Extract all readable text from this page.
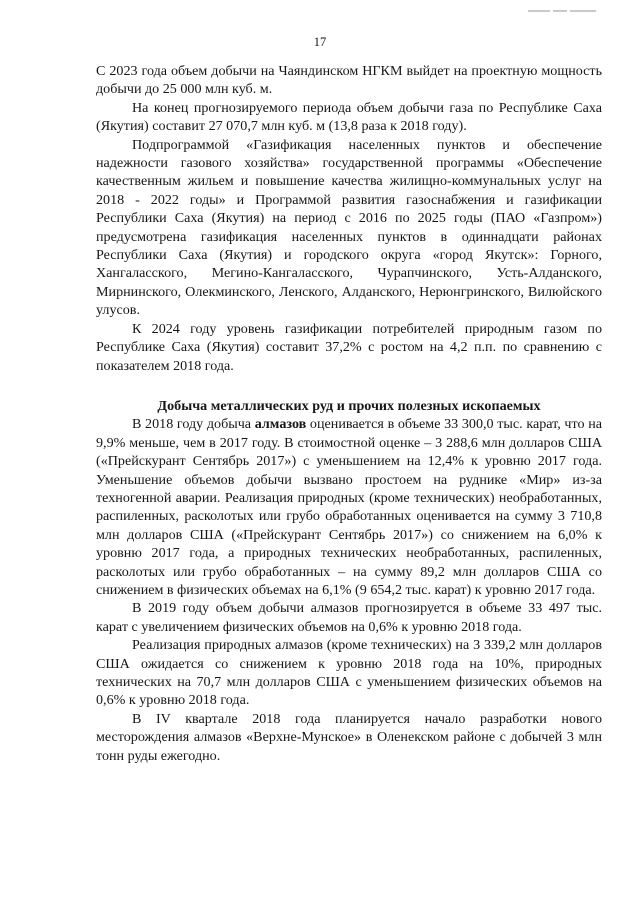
17

С 2023 года объем добычи на Чаяндинском НГКМ выйдет на проектную мощность добычи до 25 000 млн куб. м.

На конец прогнозируемого периода объем добычи газа по Республике Саха (Якутия) составит 27 070,7 млн куб. м (13,8 раза к 2018 году).

Подпрограммой «Газификация населенных пунктов и обеспечение надежности газового хозяйства» государственной программы «Обеспечение качественным жильем и повышение качества жилищно-коммунальных услуг на 2018 - 2022 годы» и Программой развития газоснабжения и газификации Республики Саха (Якутия) на период с 2016 по 2025 годы (ПАО «Газпром») предусмотрена газификация населенных пунктов в одиннадцати районах Республики Саха (Якутия) и городского округа «город Якутск»: Горного, Хангаласского, Мегино-Кангаласского, Чурапчинского, Усть-Алданского, Мирнинского, Олекминского, Ленского, Алданского, Нерюнгринского, Вилюйского улусов.

К 2024 году уровень газификации потребителей природным газом по Республике Саха (Якутия) составит 37,2% с ростом на 4,2 п.п. по сравнению с показателем 2018 года.

Добыча металлических руд и прочих полезных ископаемых

В 2018 году добыча алмазов оценивается в объеме 33 300,0 тыс. карат, что на 9,9% меньше, чем в 2017 году. В стоимостной оценке – 3 288,6 млн долларов США («Прейскурант Сентябрь 2017») с уменьшением на 12,4% к уровню 2017 года. Уменьшение объемов добычи вызвано простоем на руднике «Мир» из-за техногенной аварии. Реализация природных (кроме технических) необработанных, распиленных, расколотых или грубо обработанных оценивается на сумму 3 710,8 млн долларов США («Прейскурант Сентябрь 2017») со снижением на 6,0% к уровню 2017 года, а природных технических необработанных, распиленных, расколотых или грубо обработанных – на сумму 89,2 млн долларов США со снижением в физических объемах на 6,1% (9 654,2 тыс. карат) к уровню 2017 года.

В 2019 году объем добычи алмазов прогнозируется в объеме 33 497 тыс. карат с увеличением физических объемов на 0,6% к уровню 2018 года.

Реализация природных алмазов (кроме технических) на 3 339,2 млн долларов США ожидается со снижением к уровню 2018 года на 10%, природных технических на 70,7 млн долларов США с уменьшением физических объемов на 0,6% к уровню 2018 года.

В IV квартале 2018 года планируется начало разработки нового месторождения алмазов «Верхне-Мунское» в Оленекском районе с добычей 3 млн тонн руды ежегодно.
